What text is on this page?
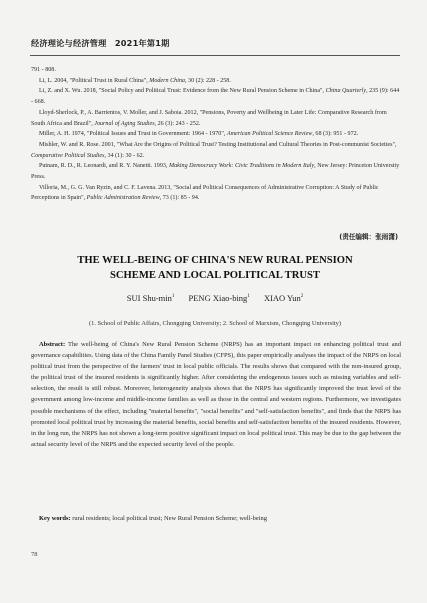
经济理论与经济管理　2021年第1期

791 - 808.

Li, L. 2004, "Political Trust in Rural China", Modern China, 30 (2): 228 - 258.

Li, Z. and X. Wu. 2018, "Social Policy and Political Trust: Evidence from the New Rural Pension Scheme in China", China Quarterly, 235 (9): 644 - 668.

Lloyd-Sherlock, P., A. Barrientos, V. Moller, and J. Saboia. 2012, "Pensions, Poverty and Wellbeing in Later Life: Comparative Research from South Africa and Brazil", Journal of Aging Studies, 26 (3): 243 - 252.

Miller, A. H. 1974, "Political Issues and Trust in Government: 1964 - 1970", American Political Science Review, 68 (3): 951 - 972.

Mishler, W. and R. Rose. 2001, "What Are the Origins of Political Trust? Testing Institutional and Cultural Theories in Post-communist Societies", Comparative Political Studies, 34 (1): 30 - 62.

Putnam, R. D., R. Leonardi, and R. Y. Nanetti. 1993, Making Democracy Work: Civic Traditions in Modern Italy, New Jersey: Princeton University Press.

Villoria, M., G. G. Van Ryzin, and C. F. Lavena. 2013, "Social and Political Consequences of Administrative Corruption: A Study of Public Perceptions in Spain", Public Administration Review, 73 (1): 85 - 94.

(责任编辑：张雨潇)
THE WELL-BEING OF CHINA'S NEW RURAL PENSION
SCHEME AND LOCAL POLITICAL TRUST
SUI Shu-$\min^1$ PENG Xiao-bing$^1$ XIAO Yun$^2$
(1. School of Public Affairs, Chongqing University; 2. School of Marxism, Chongqing University)

Abstract: The well-being of China's New Rural Pension Scheme (NRPS) has an important impact on enhancing political trust and governance capabilities. Using data of the China Family Panel Studies (CFPS), this paper empirically analyses the impact of the NRPS on local political trust from the perspective of the farmers' trust in local public officials. The results shows that compared with the non-insured group, the political trust of the insured residents is significantly higher. After considering the endogenous issues such as missing variables and self-selection, the result is still robust. Moreover, heterogeneity analysis shows that the NRPS has significantly improved the trust level of the government among low-income and middle-income families as well as those in the central and western regions. Furthermore, we investigates possible mechanisms of the effect, including "material benefits", "social benefits" and "self-satisfaction benefits", and finds that the NRPS has promoted local political trust by increasing the material benefits, social benefits and self-satisfaction benefits of the insured residents. However, in the long run, the NRPS has not shown a long-term positive significant impact on local political trust. This may be due to the gap between the actual security level of the NRPS and the expected security level of the people.

Key words: rural residents; local political trust; New Rural Pension Scheme; well-being

78
